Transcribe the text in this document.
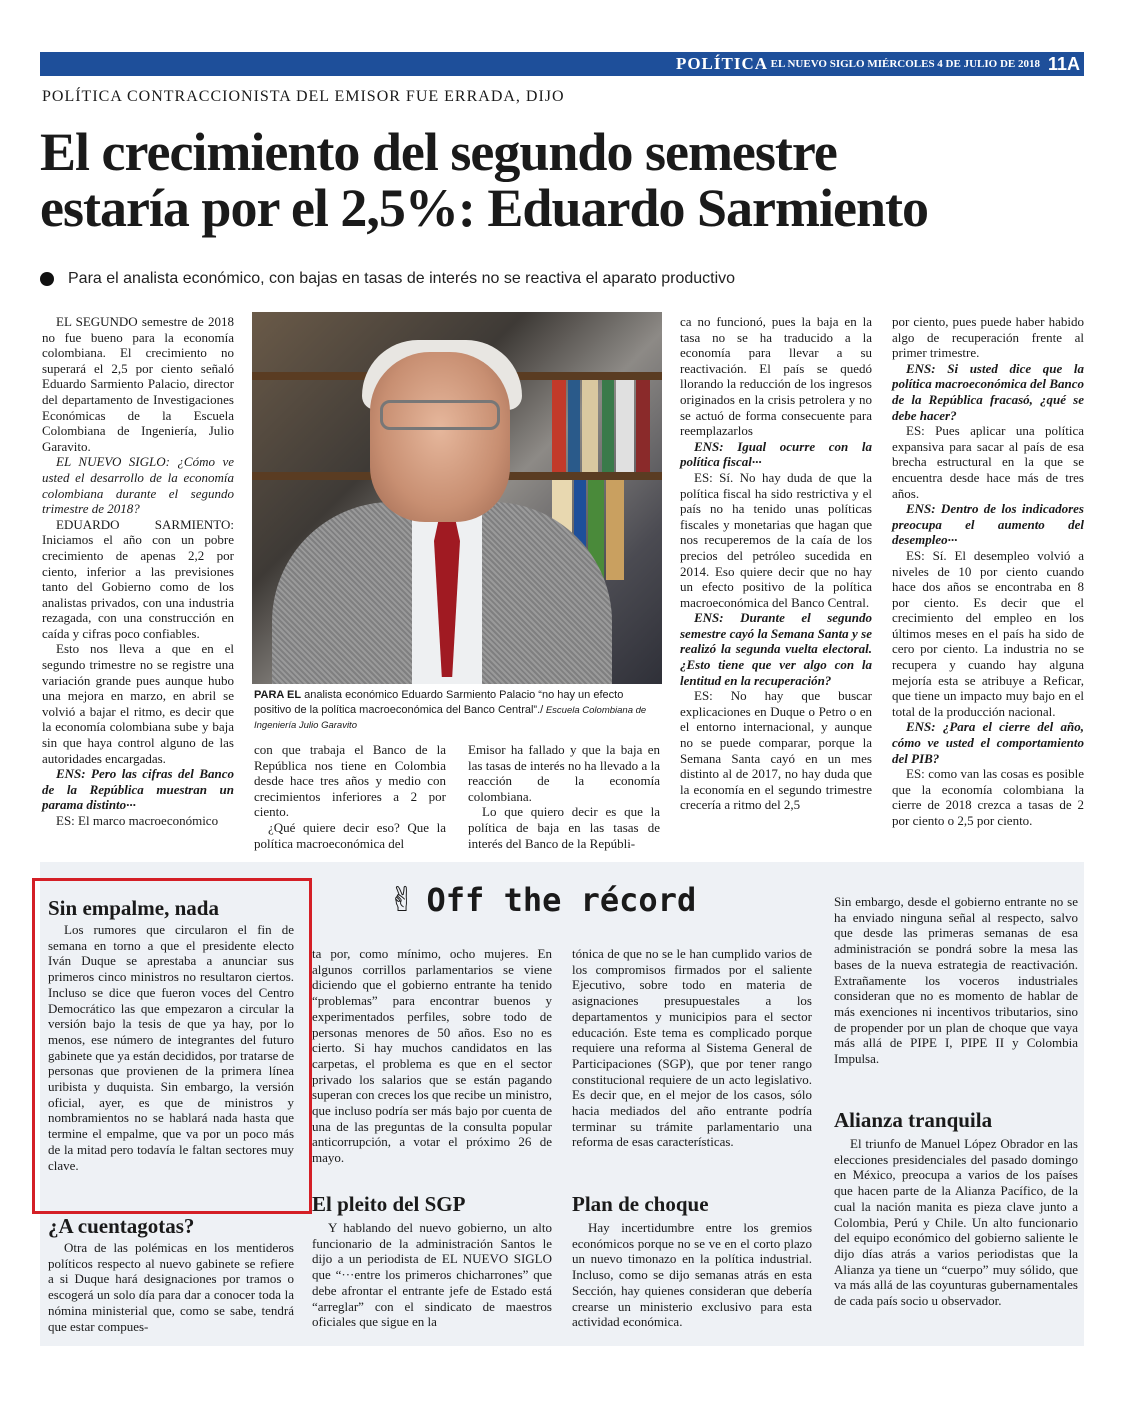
POLÍTICA EL NUEVO SIGLO MIÉRCOLES 4 DE JULIO DE 2018 11A
POLÍTICA CONTRACCIONISTA DEL EMISOR FUE ERRADA, DIJO
El crecimiento del segundo semestre
estaría por el 2,5%: Eduardo Sarmiento
Para el analista económico, con bajas en tasas de interés no se reactiva el aparato productivo

EL SEGUNDO semestre de 2018 no fue bueno para la economía colombiana. El crecimiento no superará el 2,5 por ciento señaló Eduardo Sarmiento Palacio, director del departamento de Investigaciones Económicas de la Escuela Colombiana de Ingeniería, Julio Garavito.

EL NUEVO SIGLO: ¿Cómo ve usted el desarrollo de la economía colombiana durante el segundo trimestre de 2018?

EDUARDO SARMIENTO: Iniciamos el año con un pobre crecimiento de apenas 2,2 por ciento, inferior a las previsiones tanto del Gobierno como de los analistas privados, con una industria rezagada, con una construcción en caída y cifras poco confiables.

Esto nos lleva a que en el segundo trimestre no se registre una variación grande pues aunque hubo una mejora en marzo, en abril se volvió a bajar el ritmo, es decir que la economía colombiana sube y baja sin que haya control alguno de las autoridades encargadas.

ENS: Pero las cifras del Banco de la República muestran un parama distinto···

ES: El marco macroeconómico

PARA EL analista económico Eduardo Sarmiento Palacio “no hay un efecto positivo de la política macroeconómica del Banco Central”./ Escuela Colombiana de Ingeniería Julio Garavito

con que trabaja el Banco de la República nos tiene en Colombia desde hace tres años y medio con crecimientos inferiores a 2 por ciento.

¿Qué quiere decir eso? Que la política macroeconómica del

Emisor ha fallado y que la baja en las tasas de interés no ha llevado a la reacción de la economía colombiana.

Lo que quiero decir es que la política de baja en las tasas de interés del Banco de la Repúbli-

ca no funcionó, pues la baja en la tasa no se ha traducido a la economía para llevar a su reactivación. El país se quedó llorando la reducción de los ingresos originados en la crisis petrolera y no se actuó de forma consecuente para reemplazarlos

ENS: Igual ocurre con la política fiscal···

ES: Sí. No hay duda de que la política fiscal ha sido restrictiva y el país no ha tenido unas políticas fiscales y monetarias que hagan que nos recuperemos de la caía de los precios del petróleo sucedida en 2014. Eso quiere decir que no hay un efecto positivo de la política macroeconómica del Banco Central.

ENS: Durante el segundo semestre cayó la Semana Santa y se realizó la segunda vuelta electoral. ¿Esto tiene que ver algo con la lentitud en la recuperación?

ES: No hay que buscar explicaciones en Duque o Petro o en el entorno internacional, y aunque no se puede comparar, porque la Semana Santa cayó en un mes distinto al de 2017, no hay duda que la economía en el segundo trimestre crecería a ritmo del 2,5

por ciento, pues puede haber habido algo de recuperación frente al primer trimestre.

ENS: Si usted dice que la política macroeconómica del Banco de la República fracasó, ¿qué se debe hacer?

ES: Pues aplicar una política expansiva para sacar al país de esa brecha estructural en la que se encuentra desde hace más de tres años.

ENS: Dentro de los indicadores preocupa el aumento del desempleo···

ES: Sí. El desempleo volvió a niveles de 10 por ciento cuando hace dos años se encontraba en 8 por ciento. Es decir que el crecimiento del empleo en los últimos meses en el país ha sido de cero por ciento. La industria no se recupera y cuando hay alguna mejoría esta se atribuye a Reficar, que tiene un impacto muy bajo en el total de la producción nacional.

ENS: ¿Para el cierre del año, cómo ve usted el comportamiento del PIB?

ES: como van las cosas es posible que la economía colombiana la cierre de 2018 crezca a tasas de 2 por ciento o 2,5 por ciento.

✌ Off the récord
Sin empalme, nada

Los rumores que circularon el fin de semana en torno a que el presidente electo Iván Duque se aprestaba a anunciar sus primeros cinco ministros no resultaron ciertos. Incluso se dice que fueron voces del Centro Democrático las que empezaron a circular la versión bajo la tesis de que ya hay, por lo menos, ese número de integrantes del futuro gabinete que ya están decididos, por tratarse de personas que provienen de la primera línea uribista y duquista. Sin embargo, la versión oficial, ayer, es que de ministros y nombramientos no se hablará nada hasta que termine el empalme, que va por un poco más de la mitad pero todavía le faltan sectores muy clave.

¿A cuentagotas?

Otra de las polémicas en los mentideros políticos respecto al nuevo gabinete se refiere a si Duque hará designaciones por tramos o escogerá un solo día para dar a conocer toda la nómina ministerial que, como se sabe, tendrá que estar compues-

ta por, como mínimo, ocho mujeres. En algunos corrillos parlamentarios se viene diciendo que el gobierno entrante ha tenido “problemas” para encontrar buenos y experimentados perfiles, sobre todo de personas menores de 50 años. Eso no es cierto. Si hay muchos candidatos en las carpetas, el problema es que en el sector privado los salarios que se están pagando superan con creces los que recibe un ministro, que incluso podría ser más bajo por cuenta de una de las preguntas de la consulta popular anticorrupción, a votar el próximo 26 de mayo.

El pleito del SGP

Y hablando del nuevo gobierno, un alto funcionario de la administración Santos le dijo a un periodista de EL NUEVO SIGLO que “···entre los primeros chicharrones” que debe afrontar el entrante jefe de Estado está “arreglar” con el sindicato de maestros oficiales que sigue en la

tónica de que no se le han cumplido varios de los compromisos firmados por el saliente Ejecutivo, sobre todo en materia de asignaciones presupuestales a los departamentos y municipios para el sector educación. Este tema es complicado porque requiere una reforma al Sistema General de Participaciones (SGP), que por tener rango constitucional requiere de un acto legislativo. Es decir que, en el mejor de los casos, sólo hacia mediados del año entrante podría terminar su trámite parlamentario una reforma de esas características.

Plan de choque

Hay incertidumbre entre los gremios económicos porque no se ve en el corto plazo un nuevo timonazo en la política industrial. Incluso, como se dijo semanas atrás en esta Sección, hay quienes consideran que debería crearse un ministerio exclusivo para esta actividad económica.

Sin embargo, desde el gobierno entrante no se ha enviado ninguna señal al respecto, salvo que desde las primeras semanas de esa administración se pondrá sobre la mesa las bases de la nueva estrategia de reactivación. Extrañamente los voceros industriales consideran que no es momento de hablar de más exenciones ni incentivos tributarios, sino de propender por un plan de choque que vaya más allá de PIPE I, PIPE II y Colombia Impulsa.

Alianza tranquila

El triunfo de Manuel López Obrador en las elecciones presidenciales del pasado domingo en México, preocupa a varios de los países que hacen parte de la Alianza Pacífico, de la cual la nación manita es pieza clave junto a Colombia, Perú y Chile. Un alto funcionario del equipo económico del gobierno saliente le dijo días atrás a varios periodistas que la Alianza ya tiene un “cuerpo” muy sólido, que va más allá de las coyunturas gubernamentales de cada país socio u observador.
